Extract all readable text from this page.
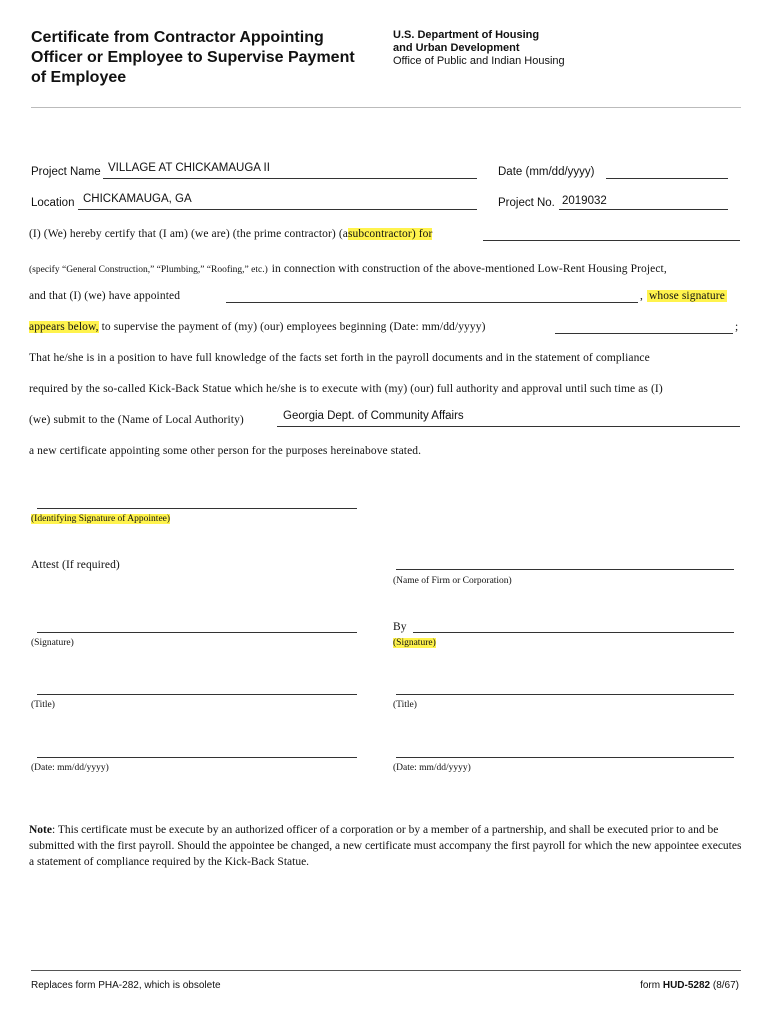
Certificate from Contractor Appointing Officer or Employee to Supervise Payment of Employee
U.S. Department of Housing
and Urban Development
Office of Public and Indian Housing
Project Name VILLAGE AT CHICKAMAUGA II	Date (mm/dd/yyyy)
Location CHICKAMAUGA, GA	Project No. 2019032
(I) (We) hereby certify that (I am) (we are) (the prime contractor) (asubcontractor) for
(specify “General Construction,” “Plumbing,” “Roofing,” etc.) in connection with construction of the above-mentioned Low-Rent Housing Project,
and that (I) (we) have appointed	, whose signature
appears below, to supervise the payment of (my) (our) employees beginning (Date: mm/dd/yyyy)	;
That he/she is in a position to have full knowledge of the facts set forth in the payroll documents and in the statement of compliance
required by the so-called Kick-Back Statue which he/she is to execute with (my) (our) full authority and approval until such time as (I)
(we) submit to the (Name of Local Authority)	Georgia Dept. of Community Affairs
a new certificate appointing some other person for the purposes hereinabove stated.
(Identifying Signature of Appointee)
Attest (If required)
(Name of Firm or Corporation)
(Signature)
By
(Signature)
(Title)	(Title)
(Date: mm/dd/yyyy)	(Date: mm/dd/yyyy)
Note: This certificate must be execute by an authorized officer of a corporation or by a member of a partnership, and shall be executed prior to and be submitted with the first payroll. Should the appointee be changed, a new certificate must accompany the first payroll for which the new appointee executes a statement of compliance required by the Kick-Back Statue.
Replaces form PHA-282, which is obsolete	form HUD-5282 (8/67)
